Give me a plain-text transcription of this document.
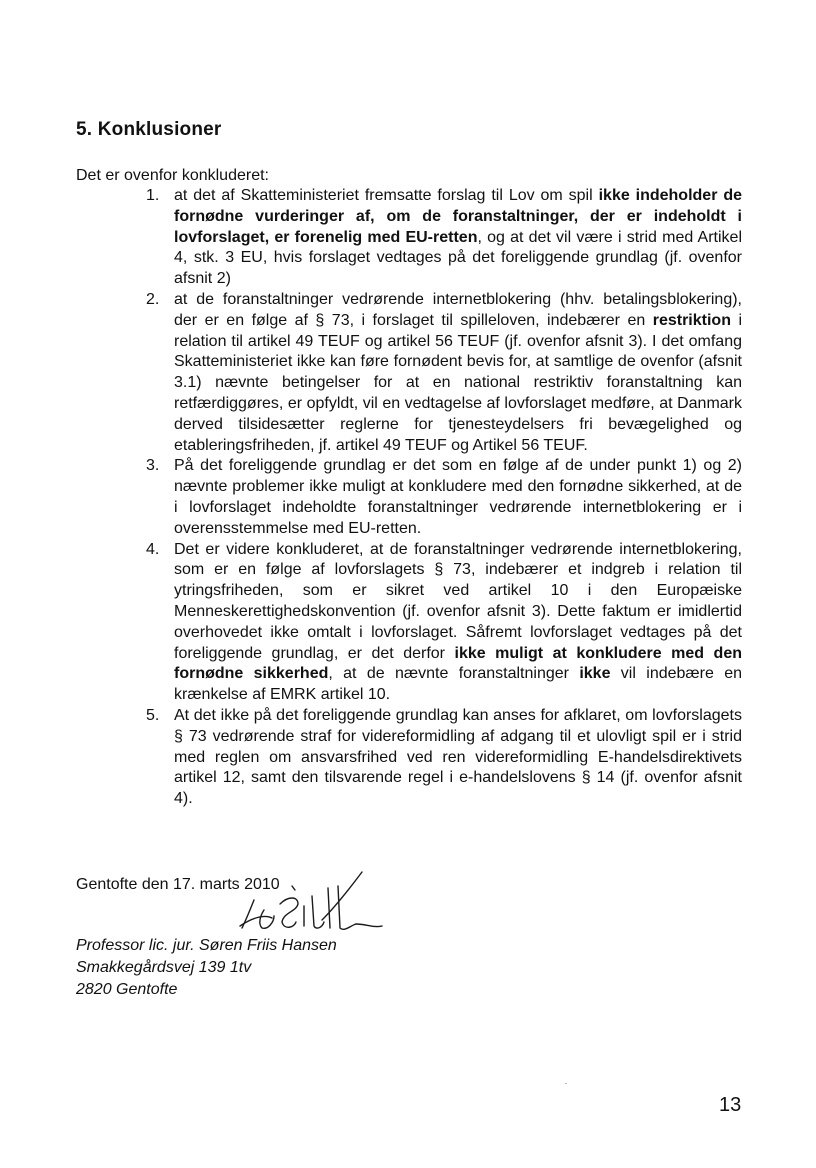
5. Konklusioner

Det er ovenfor konkluderet:

1. at det af Skatteministeriet fremsatte forslag til Lov om spil ikke indeholder de fornødne vurderinger af, om de foranstaltninger, der er indeholdt i lovforslaget, er forenelig med EU-retten, og at det vil være i strid med Artikel 4, stk. 3 EU, hvis forslaget vedtages på det foreliggende grundlag (jf. ovenfor afsnit 2)
2. at de foranstaltninger vedrørende internetblokering (hhv. betalingsblokering), der er en følge af § 73, i forslaget til spilleloven, indebærer en restriktion i relation til artikel 49 TEUF og artikel 56 TEUF (jf. ovenfor afsnit 3). I det omfang Skatteministeriet ikke kan føre fornødent bevis for, at samtlige de ovenfor (afsnit 3.1) nævnte betingelser for at en national restriktiv foranstaltning kan retfærdiggøres, er opfyldt, vil en vedtagelse af lovforslaget medføre, at Danmark derved tilsidesætter reglerne for tjenesteydelsers fri bevægelighed og etableringsfriheden, jf. artikel 49 TEUF og Artikel 56 TEUF.
3. På det foreliggende grundlag er det som en følge af de under punkt 1) og 2) nævnte problemer ikke muligt at konkludere med den fornødne sikkerhed, at de i lovforslaget indeholdte foranstaltninger vedrørende internetblokering er i overensstemmelse med EU-retten.
4. Det er videre konkluderet, at de foranstaltninger vedrørende internetblokering, som er en følge af lovforslagets § 73, indebærer et indgreb i relation til ytringsfriheden, som er sikret ved artikel 10 i den Europæiske Menneskerettighedskonvention (jf. ovenfor afsnit 3). Dette faktum er imidlertid overhovedet ikke omtalt i lovforslaget. Såfremt lovforslaget vedtages på det foreliggende grundlag, er det derfor ikke muligt at konkludere med den fornødne sikkerhed, at de nævnte foranstaltninger ikke vil indebære en krænkelse af EMRK artikel 10.
5. At det ikke på det foreliggende grundlag kan anses for afklaret, om lovforslagets § 73 vedrørende straf for videreformidling af adgang til et ulovligt spil er i strid med reglen om ansvarsfrihed ved ren videreformidling E-handelsdirektivets artikel 12, samt den tilsvarende regel i e-handelslovens § 14 (jf. ovenfor afsnit 4).
Gentofte den 17. marts 2010
Professor lic. jur. Søren Friis Hansen
Smakkegårdsvej 139 1tv
2820 Gentofte
13
